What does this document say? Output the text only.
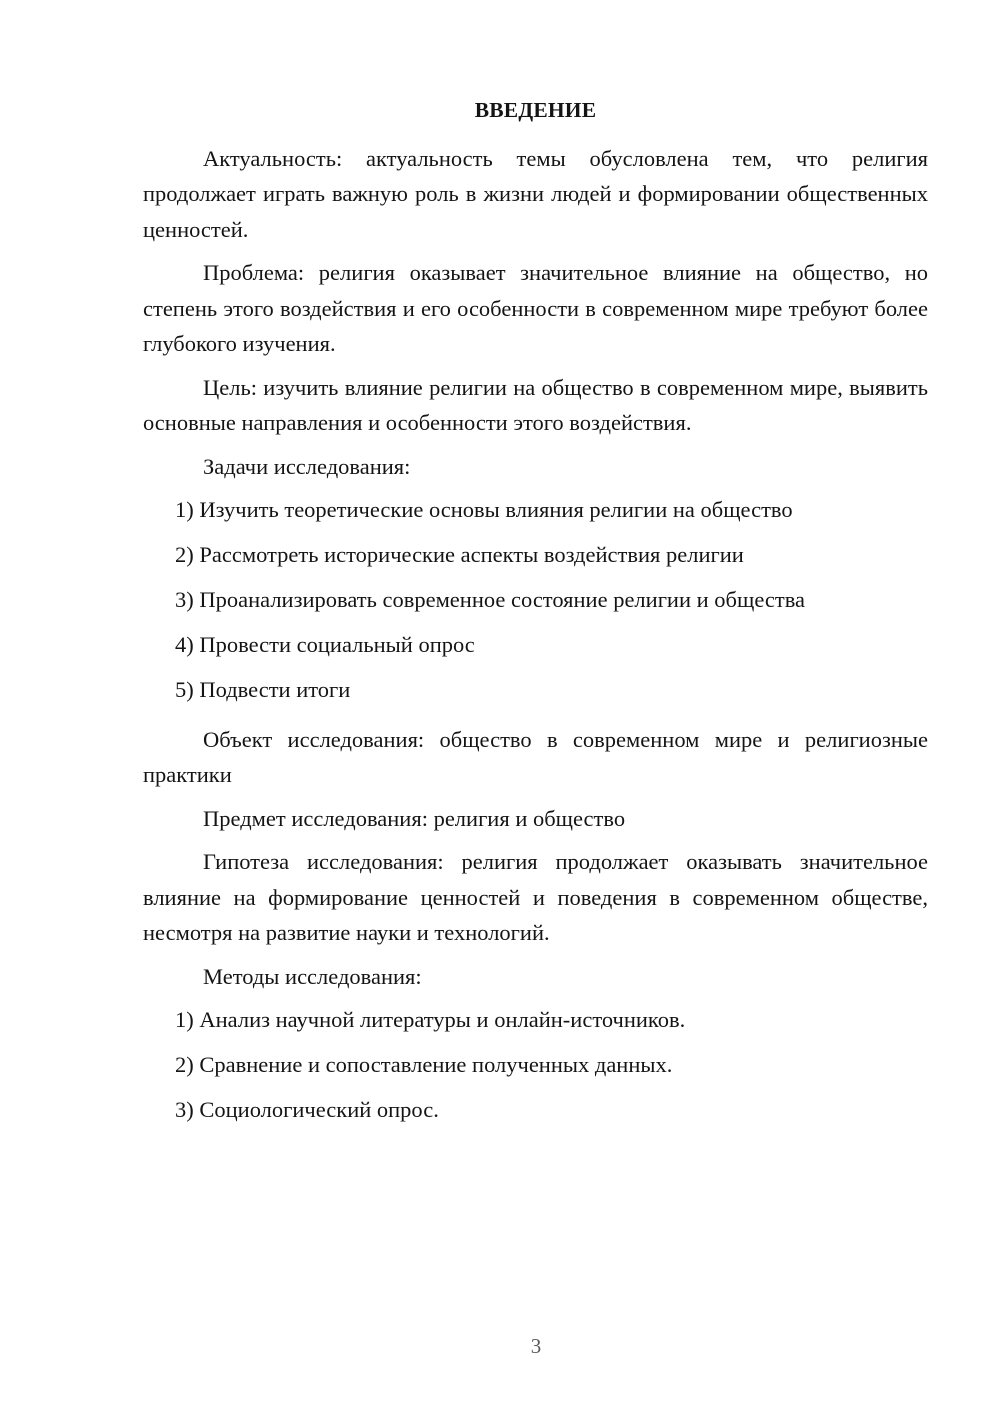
ВВЕДЕНИЕ

Актуальность: актуальность темы обусловлена тем, что религия продолжает играть важную роль в жизни людей и формировании общественных ценностей.

Проблема: религия оказывает значительное влияние на общество, но степень этого воздействия и его особенности в современном мире требуют более глубокого изучения.

Цель: изучить влияние религии на общество в современном мире, выявить основные направления и особенности этого воздействия.

Задачи исследования:

1) Изучить теоретические основы влияния религии на общество
2) Рассмотреть исторические аспекты воздействия религии
3) Проанализировать современное состояние религии и общества
4) Провести социальный опрос
5) Подвести итоги

Объект исследования: общество в современном мире и религиозные практики

Предмет исследования: религия и общество

Гипотеза исследования: религия продолжает оказывать значительное влияние на формирование ценностей и поведения в современном обществе, несмотря на развитие науки и технологий.

Методы исследования:

1) Анализ научной литературы и онлайн-источников.
2) Сравнение и сопоставление полученных данных.
3) Социологический опрос.
3
